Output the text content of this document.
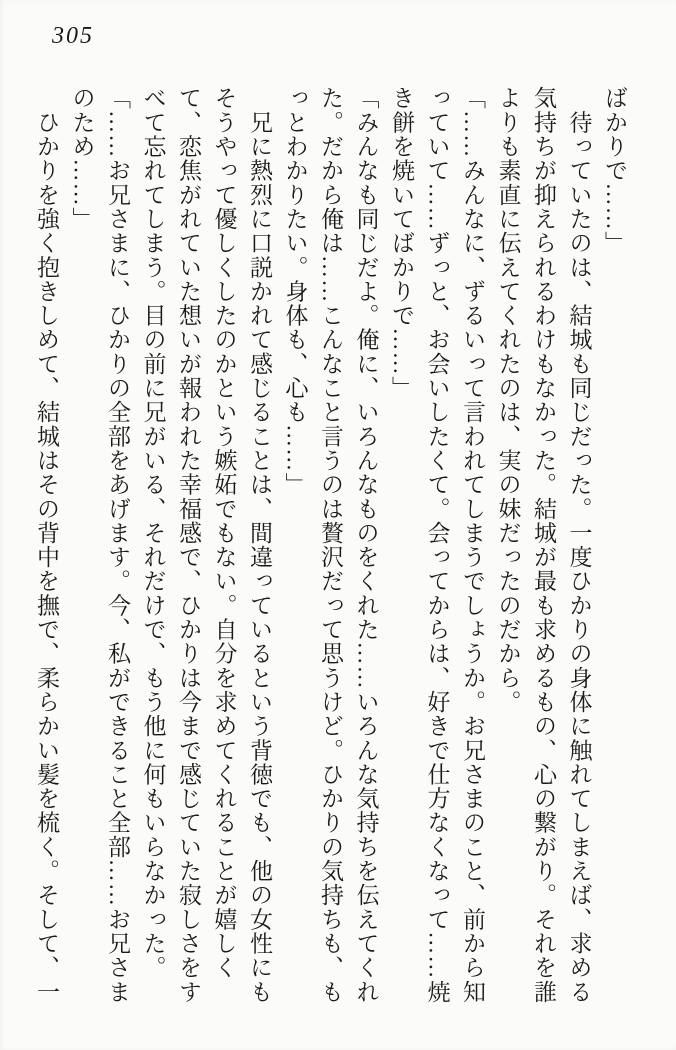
305

ばかりで……」

　待っていたのは、結城も同じだった。一度ひかりの身体に触れてしまえば、求める気持ちが抑えられるわけもなかった。結城が最も求めるもの、心の繋がり。それを誰よりも素直に伝えてくれたのは、実の妹だったのだから。

「……みんなに、ずるいって言われてしまうでしょうか。お兄さまのこと、前から知っていて……ずっと、お会いしたくて。会ってからは、好きで仕方なくなって……焼き餅を焼いてばかりで……」

「みんなも同じだよ。俺に、いろんなものをくれた……いろんな気持ちを伝えてくれた。だから俺は……こんなこと言うのは贅沢だって思うけど。ひかりの気持ちも、もっとわかりたい。身体も、心も……」

　兄に熱烈に口説かれて感じることは、間違っているという背徳でも、他の女性にもそうやって優しくしたのかという嫉妬でもない。自分を求めてくれることが嬉しくて、恋焦がれていた想いが報われた幸福感で、ひかりは今まで感じていた寂しさをすべて忘れてしまう。目の前に兄がいる、それだけで、もう他に何もいらなかった。

「……お兄さまに、ひかりの全部をあげます。今、私ができること全部……お兄さまのため……」

　ひかりを強く抱きしめて、結城はその背中を撫で、柔らかい髪を梳く。そして、一
